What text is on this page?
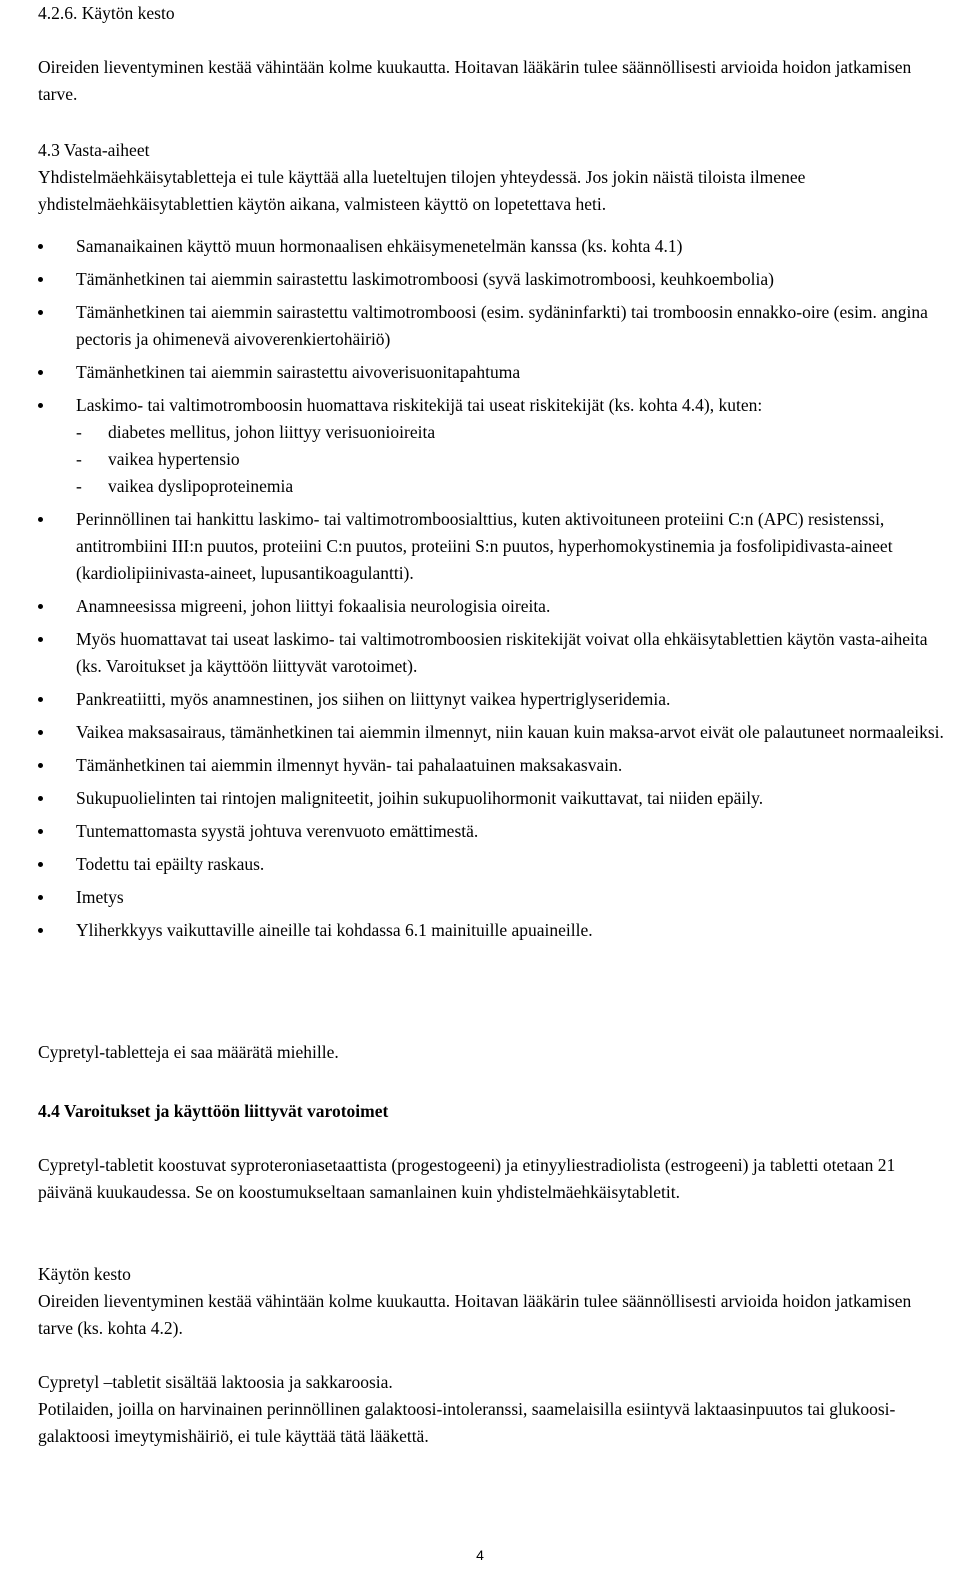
4.2.6. Käytön kesto

Oireiden lieventyminen kestää vähintään kolme kuukautta. Hoitavan lääkärin tulee säännöllisesti arvioida hoidon jatkamisen tarve.

4.3 Vasta-aiheet

Yhdistelmäehkäisytabletteja ei tule käyttää alla lueteltujen tilojen yhteydessä. Jos jokin näistä tiloista ilmenee yhdistelmäehkäisytablettien käytön aikana, valmisteen käyttö on lopetettava heti.

Samanaikainen käyttö muun hormonaalisen ehkäisymenetelmän kanssa (ks. kohta 4.1)
Tämänhetkinen tai aiemmin sairastettu laskimotromboosi (syvä laskimotromboosi, keuhkoembolia)
Tämänhetkinen tai aiemmin sairastettu valtimotromboosi (esim. sydäninfarkti) tai tromboosin ennakko-oire (esim. angina pectoris ja ohimenevä aivoverenkiertohäiriö)
Tämänhetkinen tai aiemmin sairastettu aivoverisuonitapahtuma
Laskimo- tai valtimotromboosin huomattava riskitekijä tai useat riskitekijät (ks. kohta 4.4), kuten:
- diabetes mellitus, johon liittyy verisuonioireita
- vaikea hypertensio
- vaikea dyslipoproteinemia
Perinnöllinen tai hankittu laskimo- tai valtimotromboosialttius, kuten aktivoituneen proteiini C:n (APC) resistenssi, antitrombiini III:n puutos, proteiini C:n puutos, proteiini S:n puutos, hyperhomokystinemia ja fosfolipidivasta-aineet (kardiolipiinivasta-aineet, lupusantikoagulantti).
Anamneesissa migreeni, johon liittyi fokaalisia neurologisia oireita.
Myös huomattavat tai useat laskimo- tai valtimotromboosien riskitekijät voivat olla ehkäisytablettien käytön vasta-aiheita (ks. Varoitukset ja käyttöön liittyvät varotoimet).
Pankreatiitti, myös anamnestinen, jos siihen on liittynyt vaikea hypertriglyseridemia.
Vaikea maksasairaus, tämänhetkinen tai aiemmin ilmennyt, niin kauan kuin maksa-arvot eivät ole palautuneet normaaleiksi.
Tämänhetkinen tai aiemmin ilmennyt hyvän- tai pahalaatuinen maksakasvain.
Sukupuolielinten tai rintojen maligniteetit, joihin sukupuolihormonit vaikuttavat, tai niiden epäily.
Tuntemattomasta syystä johtuva verenvuoto emättimestä.
Todettu tai epäilty raskaus.
Imetys
Yliherkkyys vaikuttaville aineille tai kohdassa 6.1 mainituille apuaineille.

Cypretyl-tabletteja ei saa määrätä miehille.

4.4 Varoitukset ja käyttöön liittyvät varotoimet

Cypretyl-tabletit koostuvat syproteroniasetaattista (progestogeeni) ja etinyyliestradiolista (estrogeeni) ja tabletti otetaan 21 päivänä kuukaudessa. Se on koostumukseltaan samanlainen kuin yhdistelmäehkäisytabletit.

Käytön kesto

Oireiden lieventyminen kestää vähintään kolme kuukautta. Hoitavan lääkärin tulee säännöllisesti arvioida hoidon jatkamisen tarve (ks. kohta 4.2).

Cypretyl –tabletit sisältää laktoosia ja sakkaroosia.

Potilaiden, joilla on harvinainen perinnöllinen galaktoosi-intoleranssi, saamelaisilla esiintyvä laktaasinpuutos tai glukoosi-galaktoosi imeytymishäiriö, ei tule käyttää tätä lääkettä.

4
